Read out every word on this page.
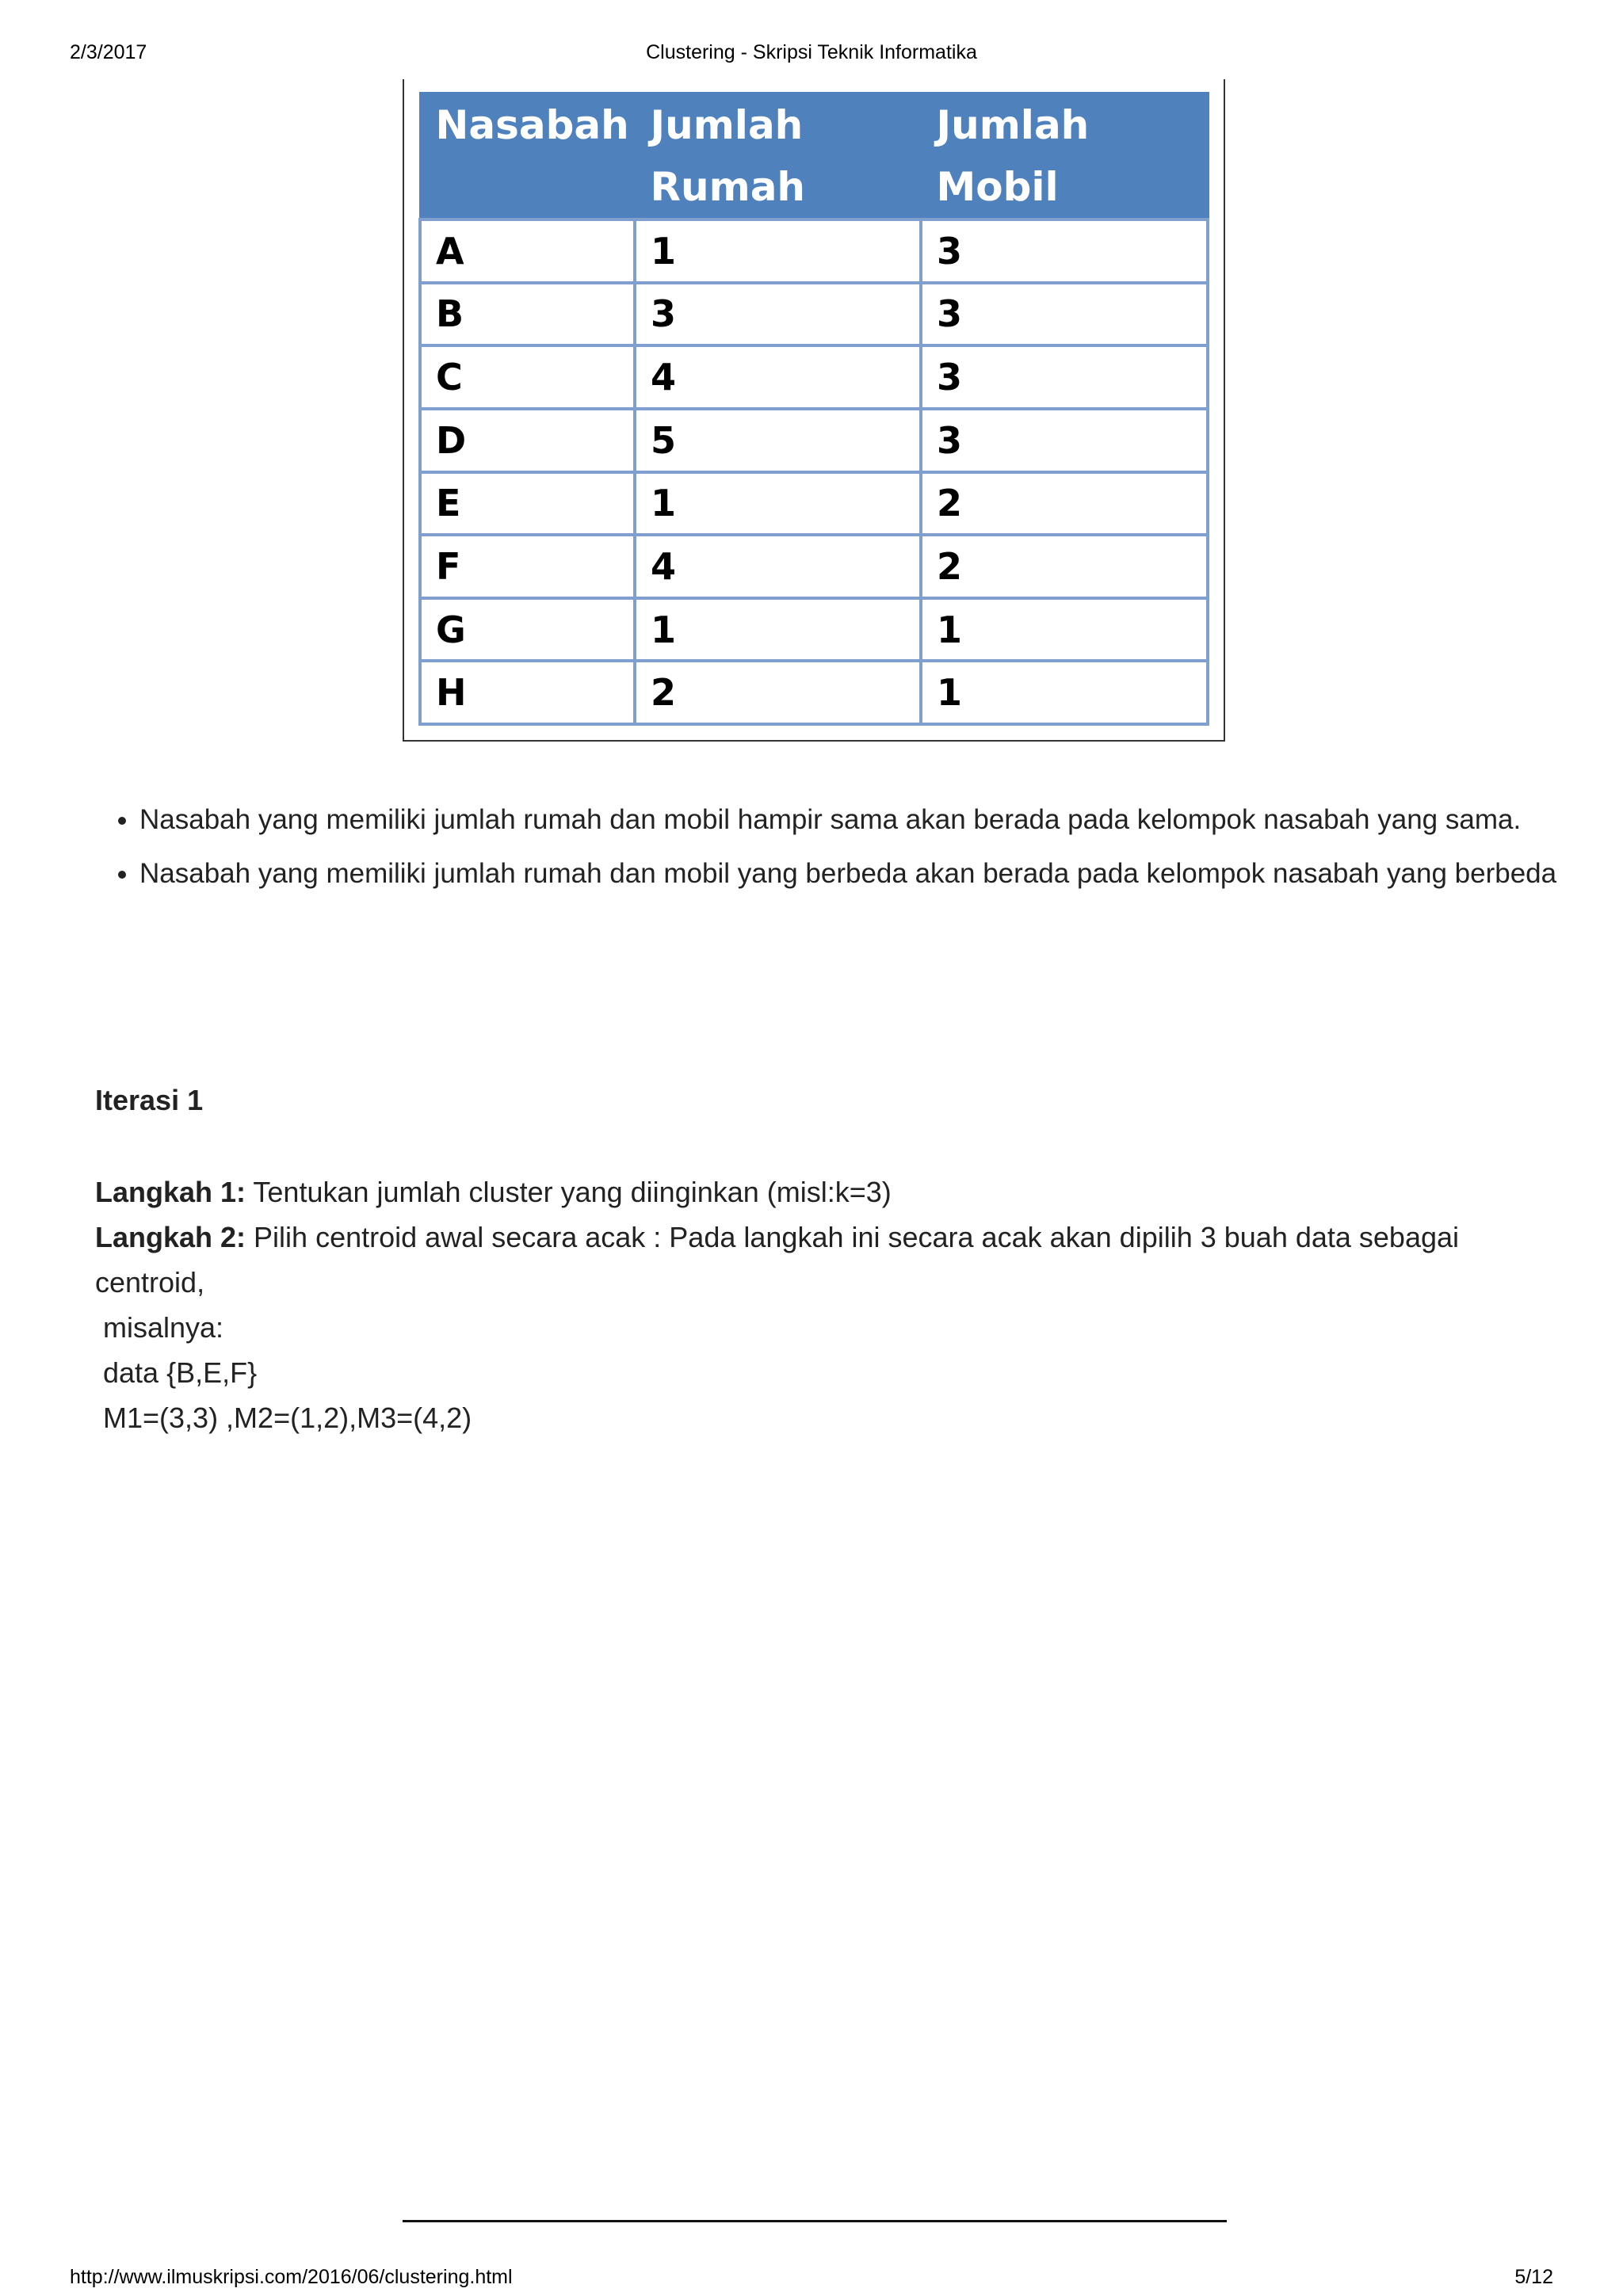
2/3/2017	Clustering - Skripsi Teknik Informatika
Nasabah	Jumlah Rumah	Jumlah Mobil
A	1	3
B	3	3
C	4	3
D	5	3
E	1	2
F	4	2
G	1	1
H	2	1
• Nasabah yang memiliki jumlah rumah dan mobil hampir sama akan berada pada kelompok nasabah yang sama.
• Nasabah yang memiliki jumlah rumah dan mobil yang berbeda akan berada pada kelompok nasabah yang berbeda
Iterasi 1
Langkah 1: Tentukan jumlah cluster yang diinginkan (misl:k=3)
Langkah 2: Pilih centroid awal secara acak : Pada langkah ini secara acak akan dipilih 3 buah data sebagai centroid,
misalnya:
data {B,E,F}
M1=(3,3) ,M2=(1,2),M3=(4,2)
http://www.ilmuskripsi.com/2016/06/clustering.html	5/12
